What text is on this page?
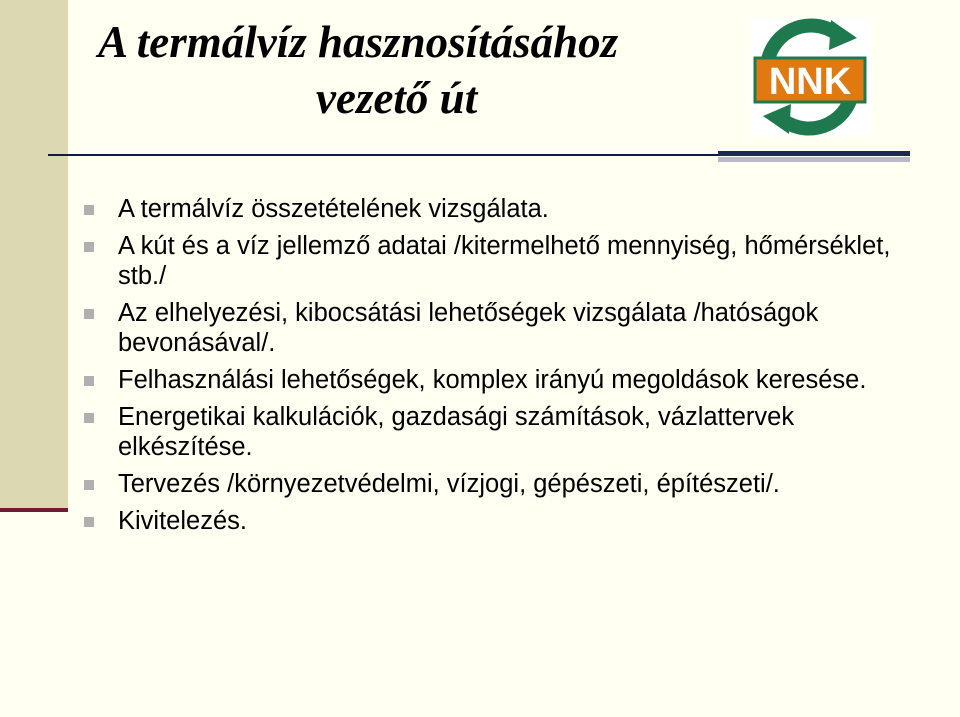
A termálvíz hasznosításához
vezető út	NNK
A termálvíz összetételének vizsgálata.
A kút és a víz jellemző adatai /kitermelhető mennyiség, hőmérséklet, stb./
Az elhelyezési, kibocsátási lehetőségek vizsgálata /hatóságok bevonásával/.
Felhasználási lehetőségek, komplex irányú megoldások keresése.
Energetikai kalkulációk, gazdasági számítások, vázlattervek elkészítése.
Tervezés /környezetvédelmi, vízjogi, gépészeti, építészeti/.
Kivitelezés.
